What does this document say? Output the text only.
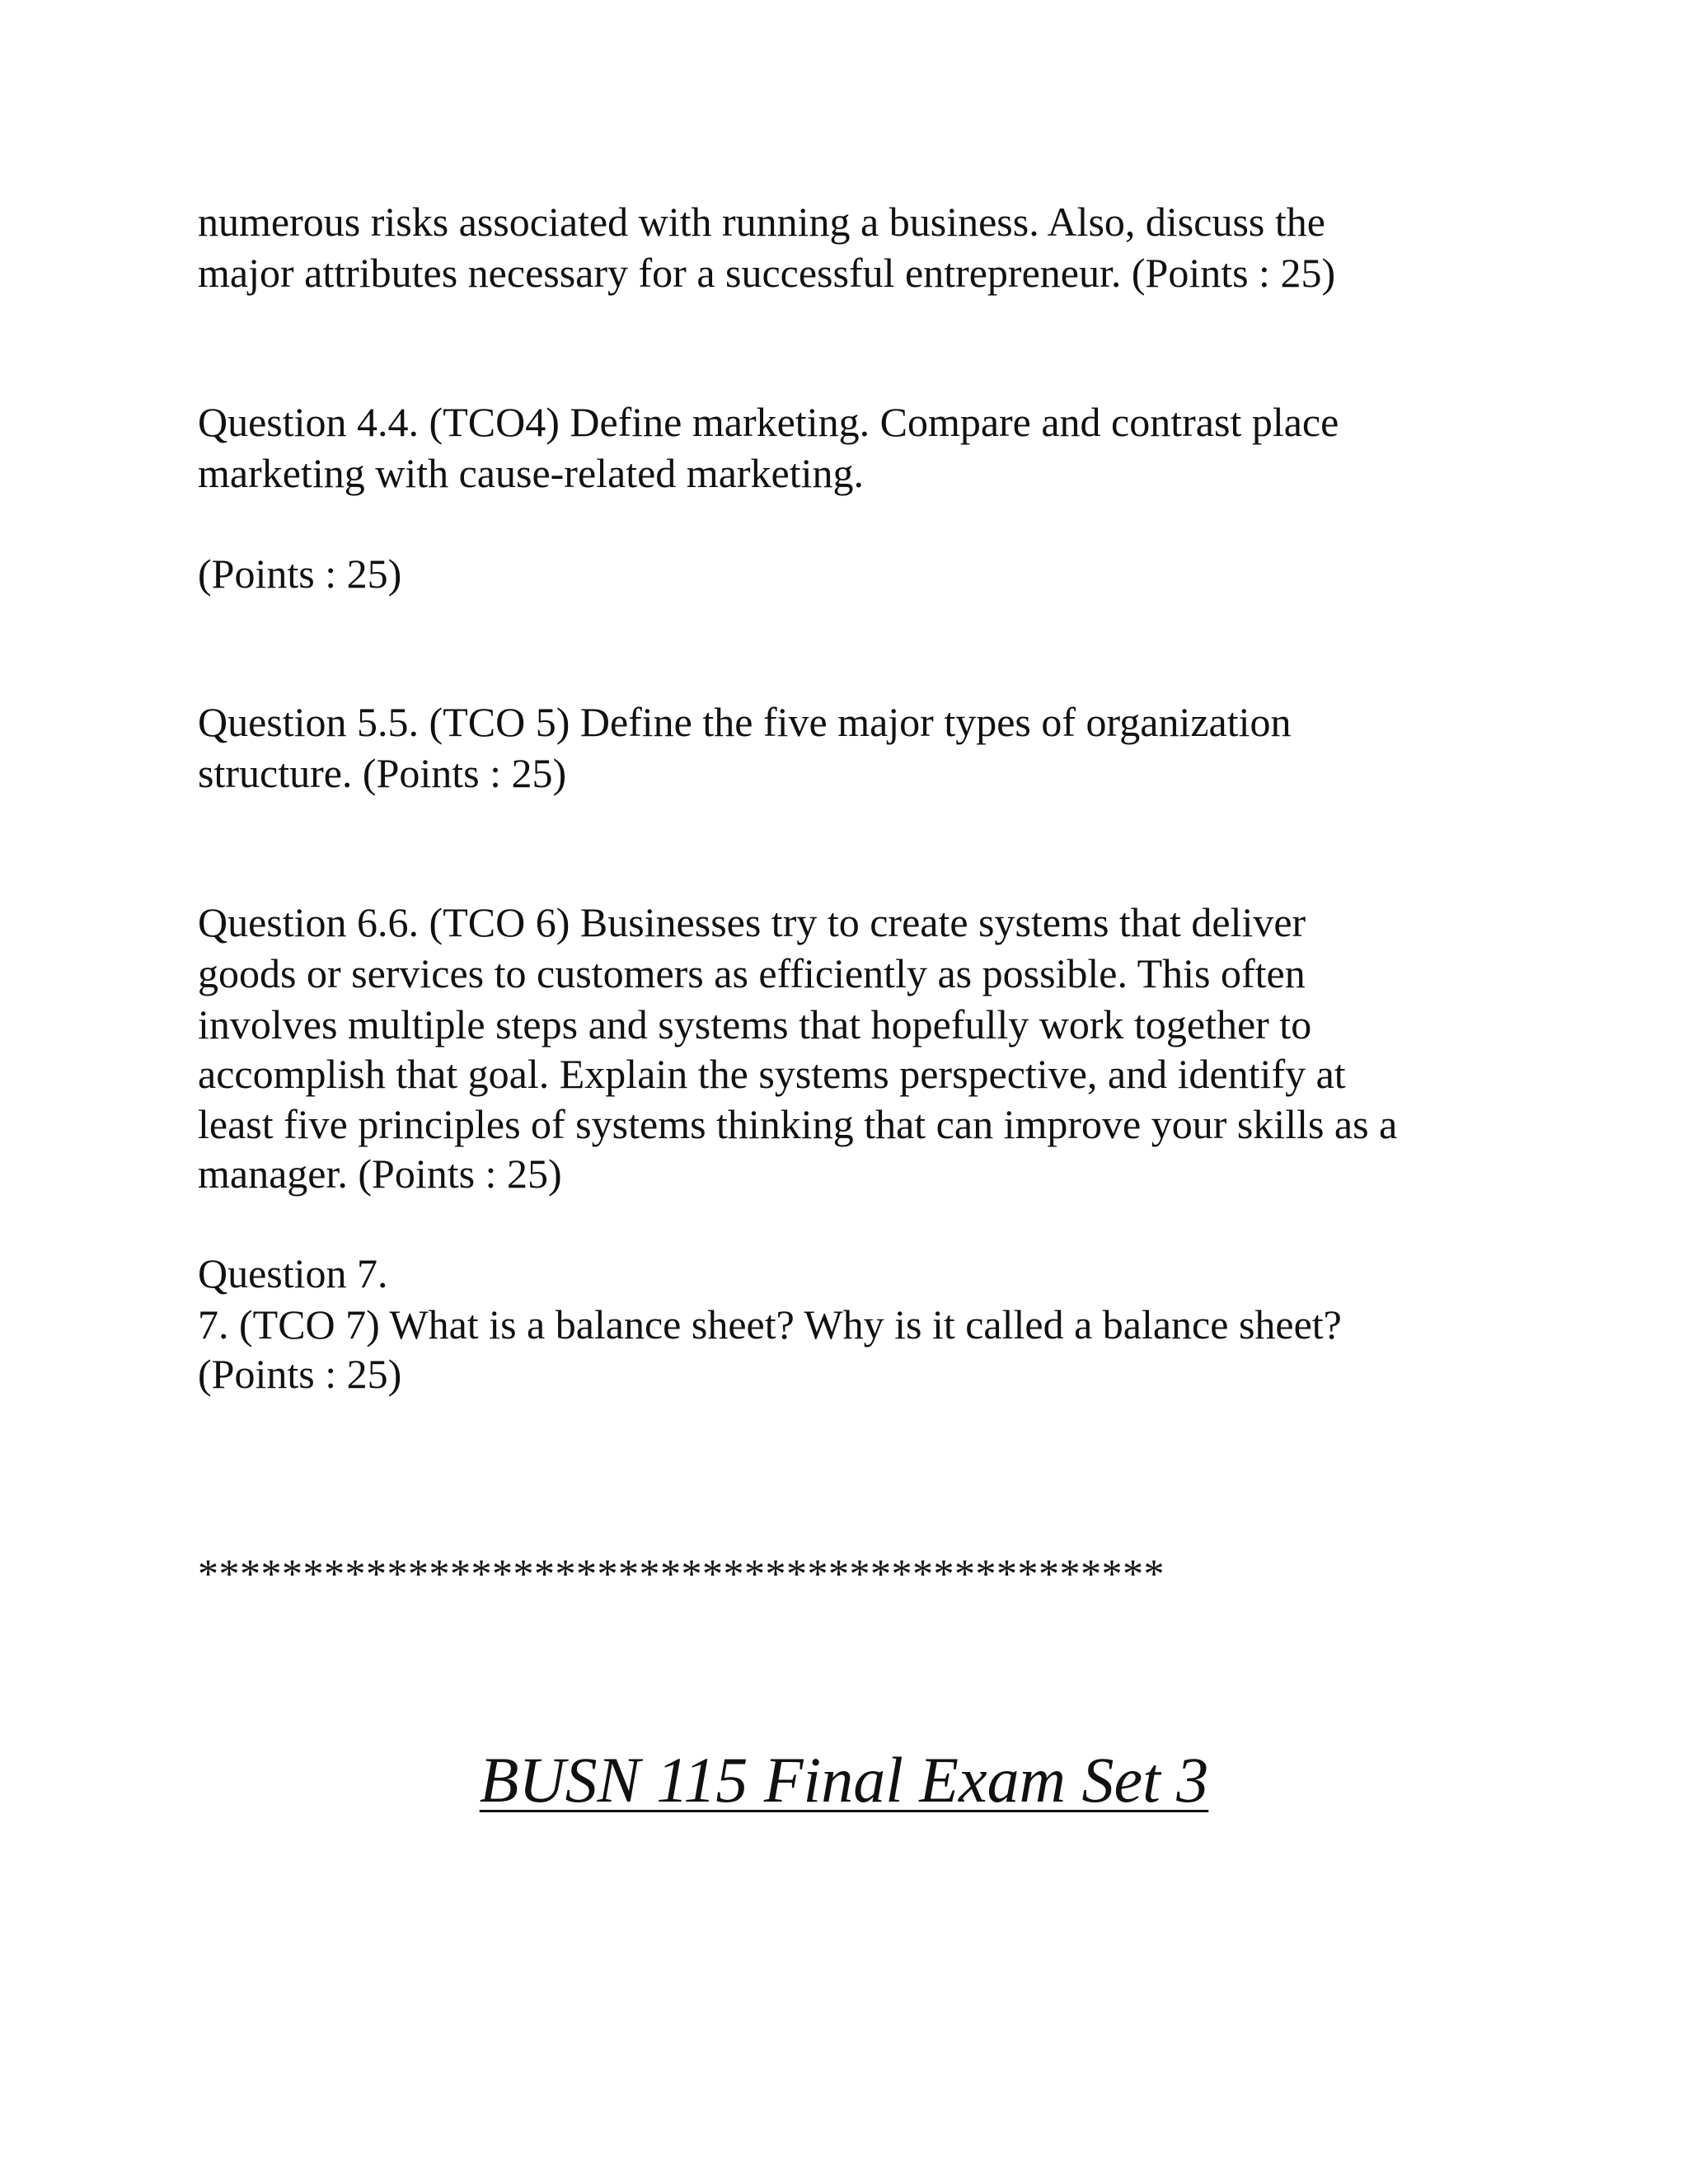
numerous risks associated with running a business. Also, discuss the
major attributes necessary for a successful entrepreneur. (Points : 25)
Question 4.4. (TCO4) Define marketing. Compare and contrast place
marketing with cause-related marketing.
(Points : 25)
Question 5.5. (TCO 5) Define the five major types of organization
structure. (Points : 25)
Question 6.6. (TCO 6) Businesses try to create systems that deliver
goods or services to customers as efficiently as possible. This often
involves multiple steps and systems that hopefully work together to
accomplish that goal. Explain the systems perspective, and identify at
least five principles of systems thinking that can improve your skills as a
manager. (Points : 25)
Question 7.
7. (TCO 7) What is a balance sheet? Why is it called a balance sheet?
(Points : 25)
**********************************************
BUSN 115 Final Exam Set 3
